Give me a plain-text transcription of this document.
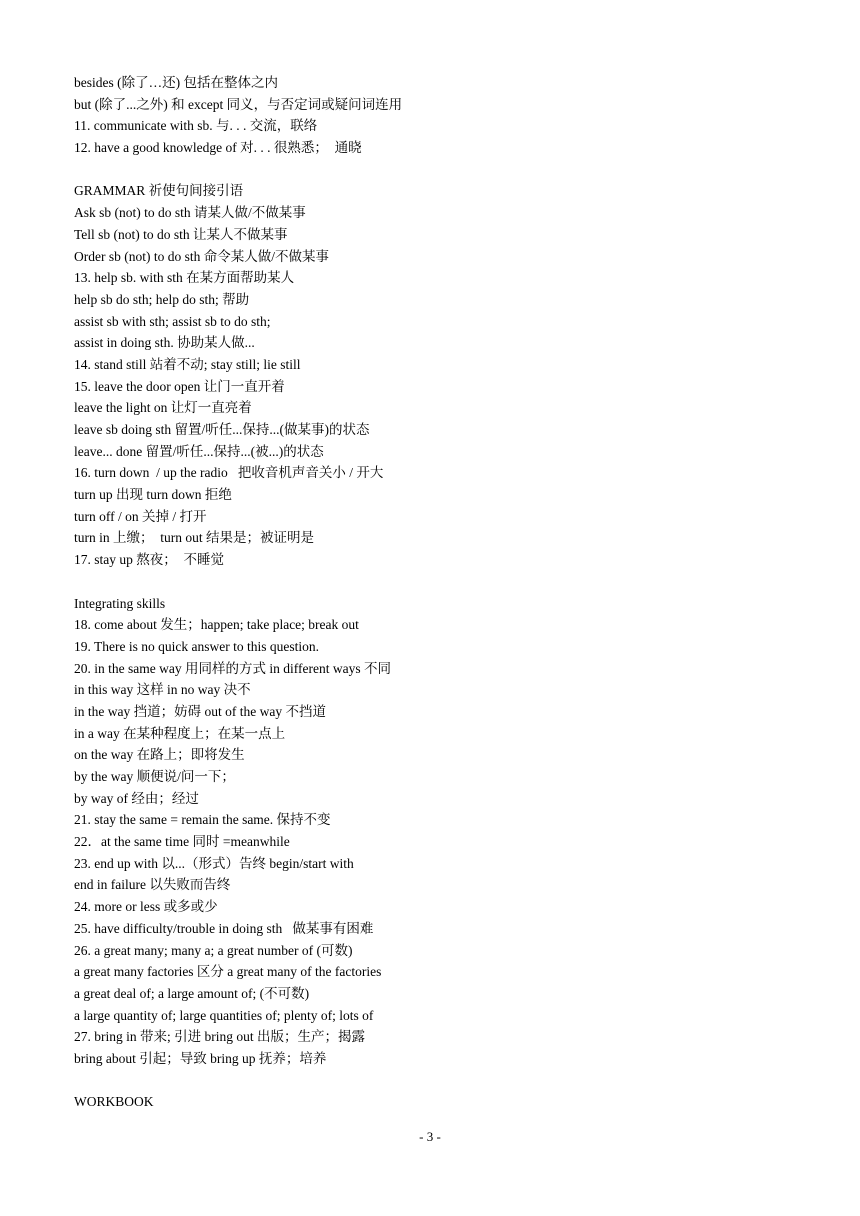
besides (除了…还) 包括在整体之内
but (除了...之外) 和 except 同义，与否定词或疑问词连用
11. communicate with sb. 与. . . 交流，联络
12. have a good knowledge of 对. . . 很熟悉；  通晓
GRAMMAR 祈使句间接引语
Ask sb (not) to do sth 请某人做/不做某事
Tell sb (not) to do sth 让某人不做某事
Order sb (not) to do sth 命令某人做/不做某事
13. help sb. with sth 在某方面帮助某人
help sb do sth; help do sth; 帮助
assist sb with sth; assist sb to do sth;
assist in doing sth. 协助某人做...
14. stand still 站着不动; stay still; lie still
15. leave the door open 让门一直开着
leave the light on 让灯一直亮着
leave sb doing sth 留置/听任...保持...(做某事)的状态
leave... done 留置/听任...保持...(被...)的状态
16. turn down  / up the radio   把收音机声音关小 / 开大
turn up 出现 turn down 拒绝
turn off / on 关掉 / 打开
turn in 上缴；  turn out 结果是；被证明是
17. stay up 熬夜；  不睡觉
Integrating skills
18. come about 发生；happen; take place; break out
19. There is no quick answer to this question.
20. in the same way 用同样的方式 in different ways 不同
in this way 这样 in no way 决不
in the way 挡道；妨碍 out of the way 不挡道
in a way 在某种程度上；在某一点上
on the way 在路上；即将发生
by the way 顺便说/问一下；
by way of 经由；经过
21. stay the same = remain the same. 保持不变
22．at the same time 同时 =meanwhile
23. end up with 以...（形式）告终 begin/start with
end in failure 以失败而告终
24. more or less 或多或少
25. have difficulty/trouble in doing sth   做某事有困难
26. a great many; many a; a great number of (可数)
a great many factories 区分 a great many of the factories
a great deal of; a large amount of; (不可数)
a large quantity of; large quantities of; plenty of; lots of
27. bring in 带来; 引进 bring out 出版；生产；揭露
bring about 引起；导致 bring up 抚养；培养
WORKBOOK
- 3 -
